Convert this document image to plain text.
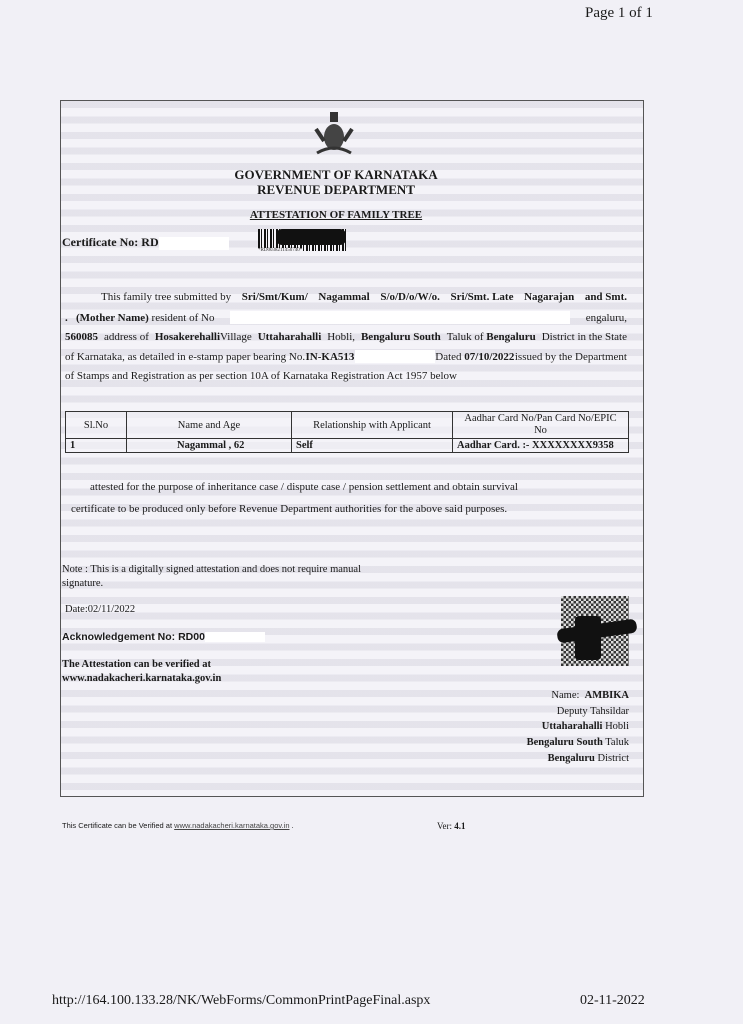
Page 1 of 1
GOVERNMENT OF KARNATAKA
REVENUE DEPARTMENT
ATTESTATION OF FAMILY TREE
Certificate No: RD
*RD0038211450740*
This family tree submitted by Sri/Smt/Kum/ Nagammal S/o/D/o/W/o. Sri/Smt. Late Nagarajan and Smt.
. (Mother Name) resident of No	engaluru,
560085 address of HosakerehalliVillage Uttaharahalli Hobli, Bengaluru South Taluk of Bengaluru District in the State
of Karnataka, as detailed in e-stamp paper bearing No. IN-KA513	Dated 07/10/2022 issued by the Department
of Stamps and Registration as per section 10A of Karnataka Registration Act 1957 below
Sl.No	Name and Age	Relationship with Applicant	Aadhar Card No/Pan Card No/EPIC No
1	Nagammal , 62	Self	Aadhar Card. :- XXXXXXXX9358
attested for the purpose of inheritance case / dispute case / pension settlement and obtain survival
certificate to be produced only before Revenue Department authorities for the above said purposes.
Note : This is a digitally signed attestation and does not require manual
signature.
Date:02/11/2022
Acknowledgement No: RD00
The Attestation can be verified at
www.nadakacheri.karnataka.gov.in
Name: AMBIKA
Deputy Tahsildar
Uttaharahalli Hobli
Bengaluru South Taluk
Bengaluru District
This Certificate can be Verified at www.nadakacheri.karnataka.gov.in .	Ver: 4.1
http://164.100.133.28/NK/WebForms/CommonPrintPageFinal.aspx	02-11-2022
